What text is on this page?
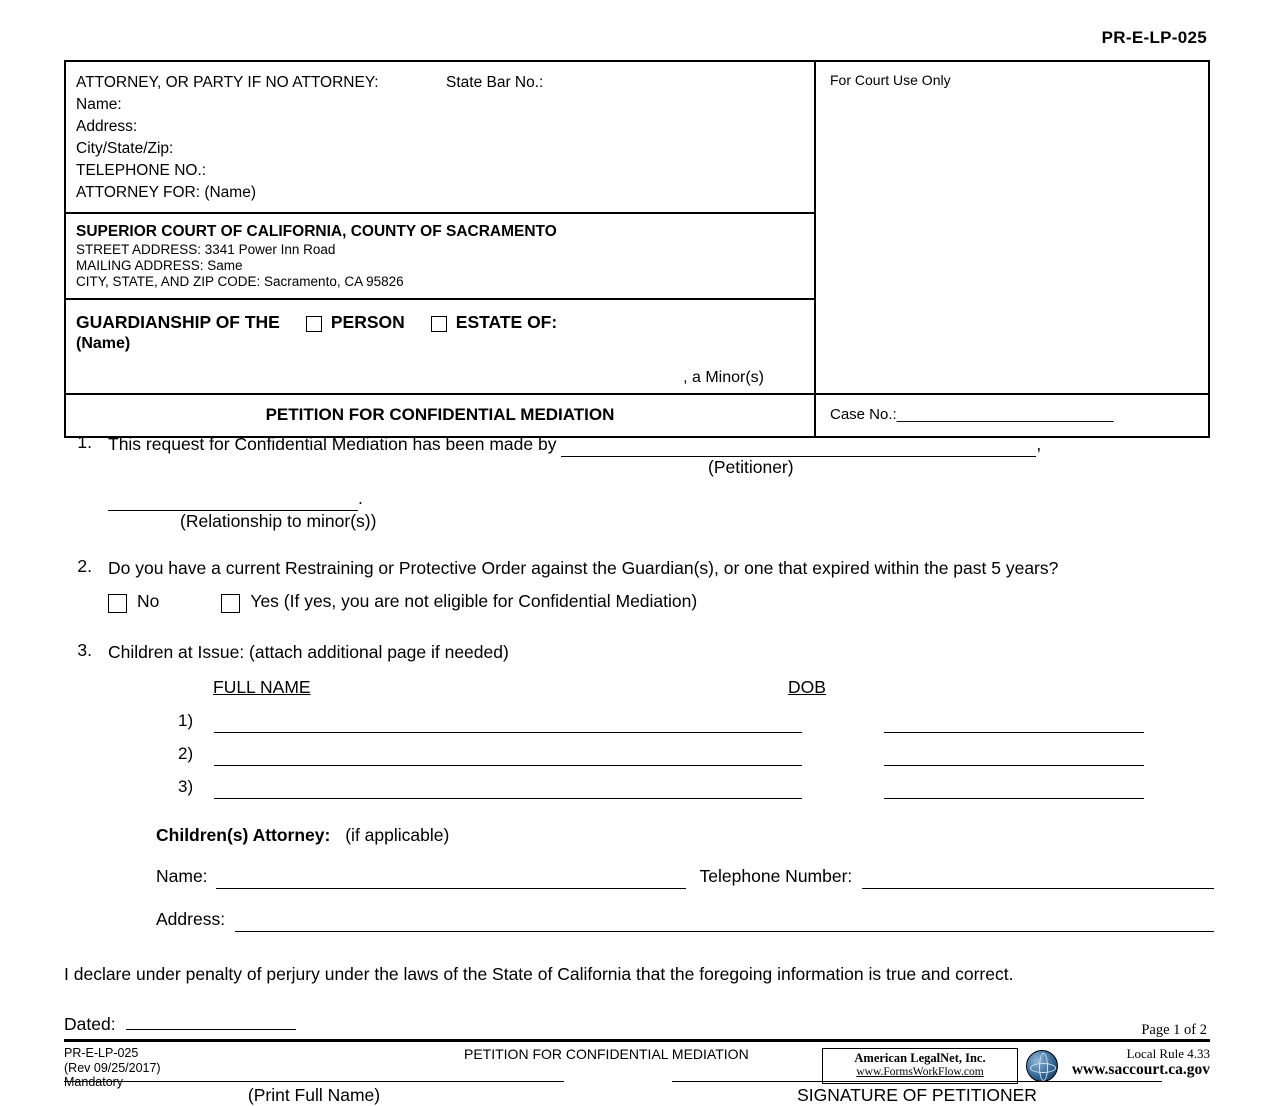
PR-E-LP-025
ATTORNEY, OR PARTY IF NO ATTORNEY:	State Bar No.:
Name:
Address:
City/State/Zip:
TELEPHONE NO.:
ATTORNEY FOR: (Name)
SUPERIOR COURT OF CALIFORNIA, COUNTY OF SACRAMENTO
STREET ADDRESS: 3341 Power Inn Road
MAILING ADDRESS: Same
CITY, STATE, AND ZIP CODE: Sacramento, CA 95826
GUARDIANSHIP OF THE	PERSON	ESTATE OF:
(Name)
, a Minor(s)
For Court Use Only
PETITION FOR CONFIDENTIAL MEDIATION	Case No.:__________________________
1. This request for Confidential Mediation has been made by	,
(Petitioner)
.
(Relationship to minor(s))
2. Do you have a current Restraining or Protective Order against the Guardian(s), or one that expired within the past 5 years?
No	Yes (If yes, you are not eligible for Confidential Mediation)
3. Children at Issue: (attach additional page if needed)
FULL NAME	DOB
1)
2)
3)
Children(s) Attorney: (if applicable)
Name:	Telephone Number:
Address:
I declare under penalty of perjury under the laws of the State of California that the foregoing information is true and correct.
Dated:
(Print Full Name)	SIGNATURE OF PETITIONER
Page 1 of 2
PR-E-LP-025
(Rev 09/25/2017)
Mandatory
PETITION FOR CONFIDENTIAL MEDIATION	American LegalNet, Inc.
www.FormsWorkFlow.com
Local Rule 4.33
www.saccourt.ca.gov
